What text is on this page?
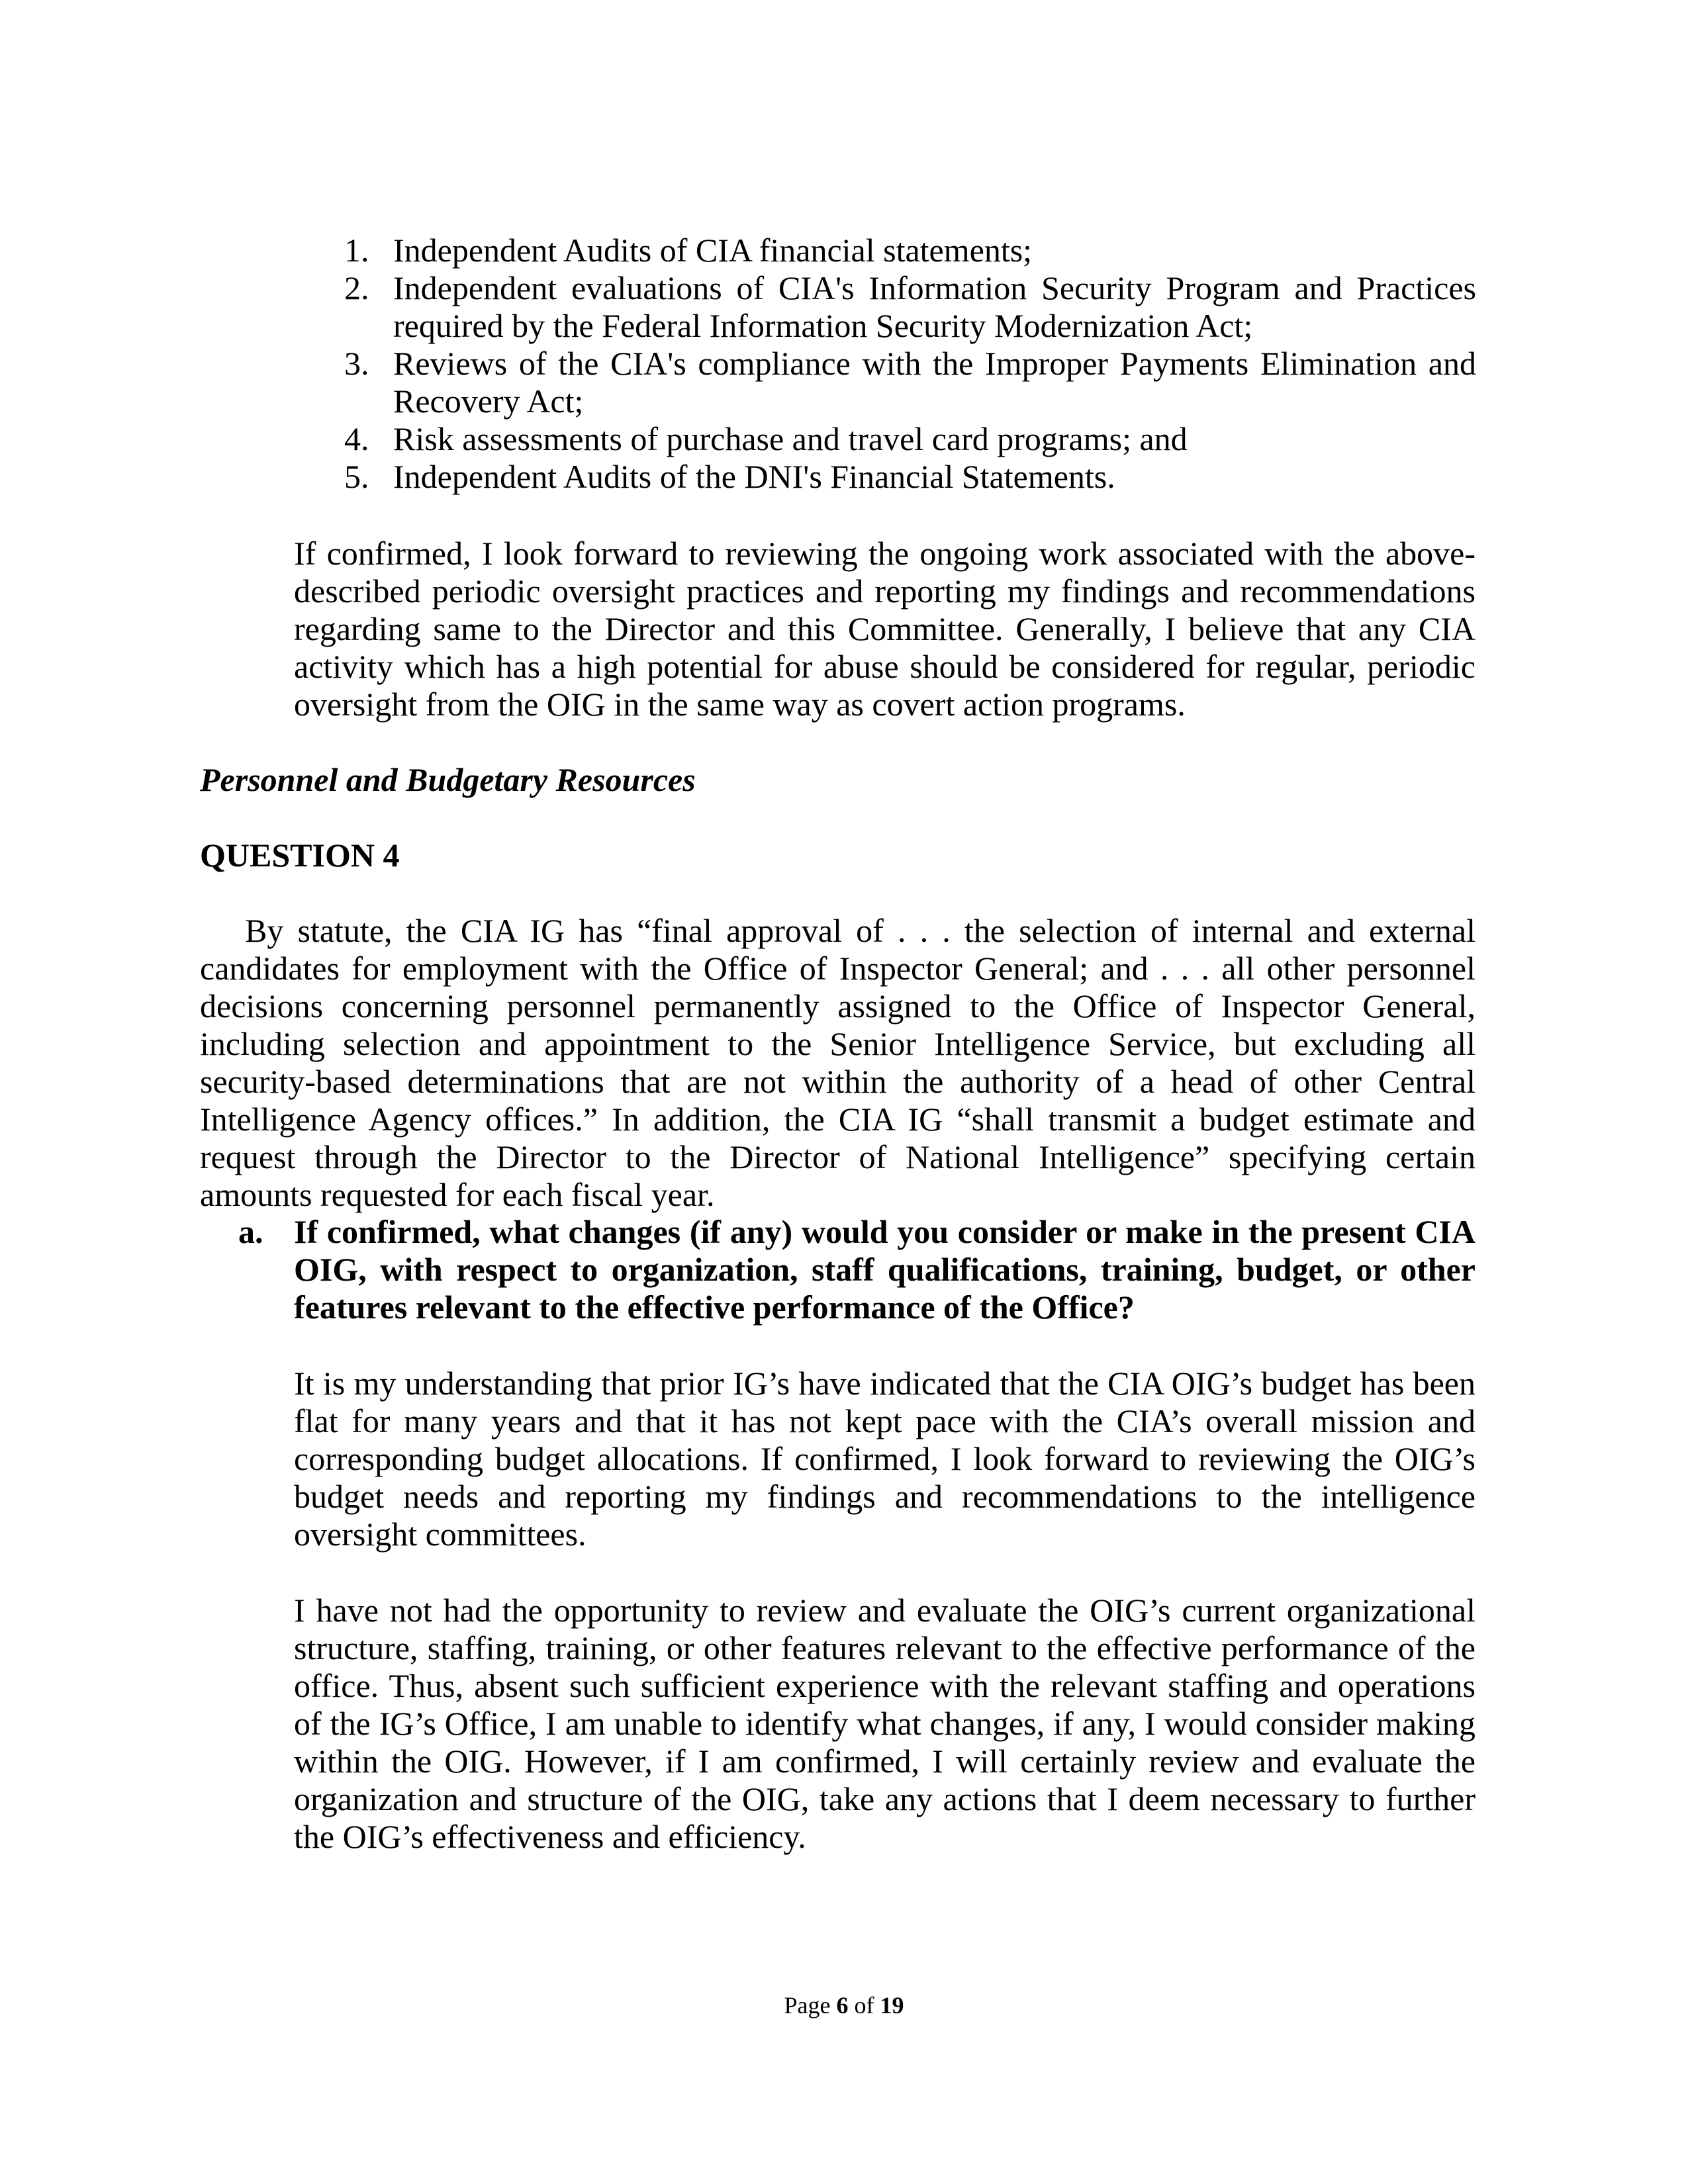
1. Independent Audits of CIA financial statements;
2. Independent evaluations of CIA's Information Security Program and Practices required by the Federal Information Security Modernization Act;
3. Reviews of the CIA's compliance with the Improper Payments Elimination and Recovery Act;
4. Risk assessments of purchase and travel card programs; and
5. Independent Audits of the DNI's Financial Statements.

If confirmed, I look forward to reviewing the ongoing work associated with the above-described periodic oversight practices and reporting my findings and recommendations regarding same to the Director and this Committee. Generally, I believe that any CIA activity which has a high potential for abuse should be considered for regular, periodic oversight from the OIG in the same way as covert action programs.

Personnel and Budgetary Resources
QUESTION 4

By statute, the CIA IG has “final approval of . . . the selection of internal and external candidates for employment with the Office of Inspector General; and . . . all other personnel decisions concerning personnel permanently assigned to the Office of Inspector General, including selection and appointment to the Senior Intelligence Service, but excluding all security-based determinations that are not within the authority of a head of other Central Intelligence Agency offices.” In addition, the CIA IG “shall transmit a budget estimate and request through the Director to the Director of National Intelligence” specifying certain amounts requested for each fiscal year.

a. If confirmed, what changes (if any) would you consider or make in the present CIA OIG, with respect to organization, staff qualifications, training, budget, or other features relevant to the effective performance of the Office?

It is my understanding that prior IG’s have indicated that the CIA OIG’s budget has been flat for many years and that it has not kept pace with the CIA’s overall mission and corresponding budget allocations. If confirmed, I look forward to reviewing the OIG’s budget needs and reporting my findings and recommendations to the intelligence oversight committees.

I have not had the opportunity to review and evaluate the OIG’s current organizational structure, staffing, training, or other features relevant to the effective performance of the office. Thus, absent such sufficient experience with the relevant staffing and operations of the IG’s Office, I am unable to identify what changes, if any, I would consider making within the OIG. However, if I am confirmed, I will certainly review and evaluate the organization and structure of the OIG, take any actions that I deem necessary to further the OIG’s effectiveness and efficiency.

Page 6 of 19
